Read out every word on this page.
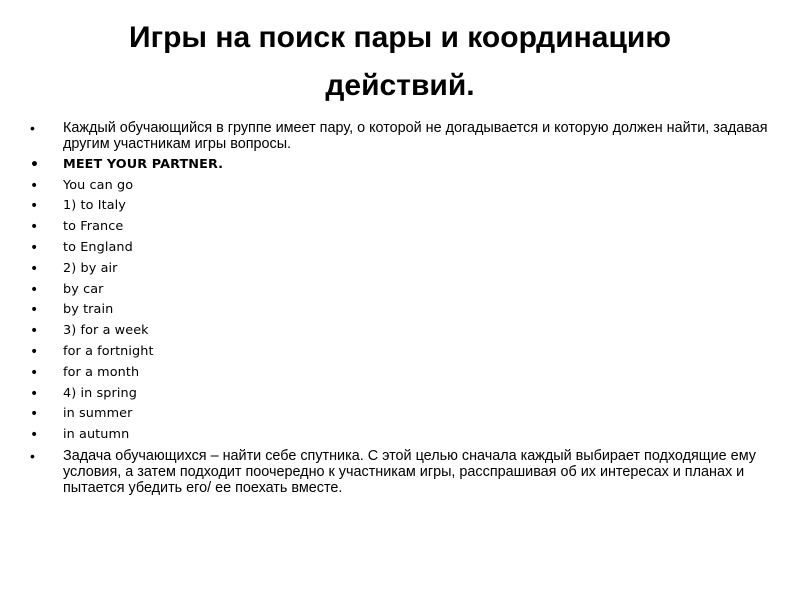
Игры на поиск пары и координацию
действий.
•	Каждый обучающийся в группе имеет пару, о которой не догадывается и которую должен найти, задавая другим участникам игры вопросы.
•	MEET YOUR PARTNER.
•	You can go
•	1) to Italy
•	to France
•	to England
•	2) by air
•	by car
•	by train
•	3) for a week
•	for a fortnight
•	for a month
•	4) in spring
•	in summer
•	in autumn
•	Задача обучающихся – найти себе спутника. С этой целью сначала каждый выбирает подходящие ему условия, а затем подходит поочередно к участникам игры, расспрашивая об их интересах и планах и пытается убедить его/ ее поехать вместе.
